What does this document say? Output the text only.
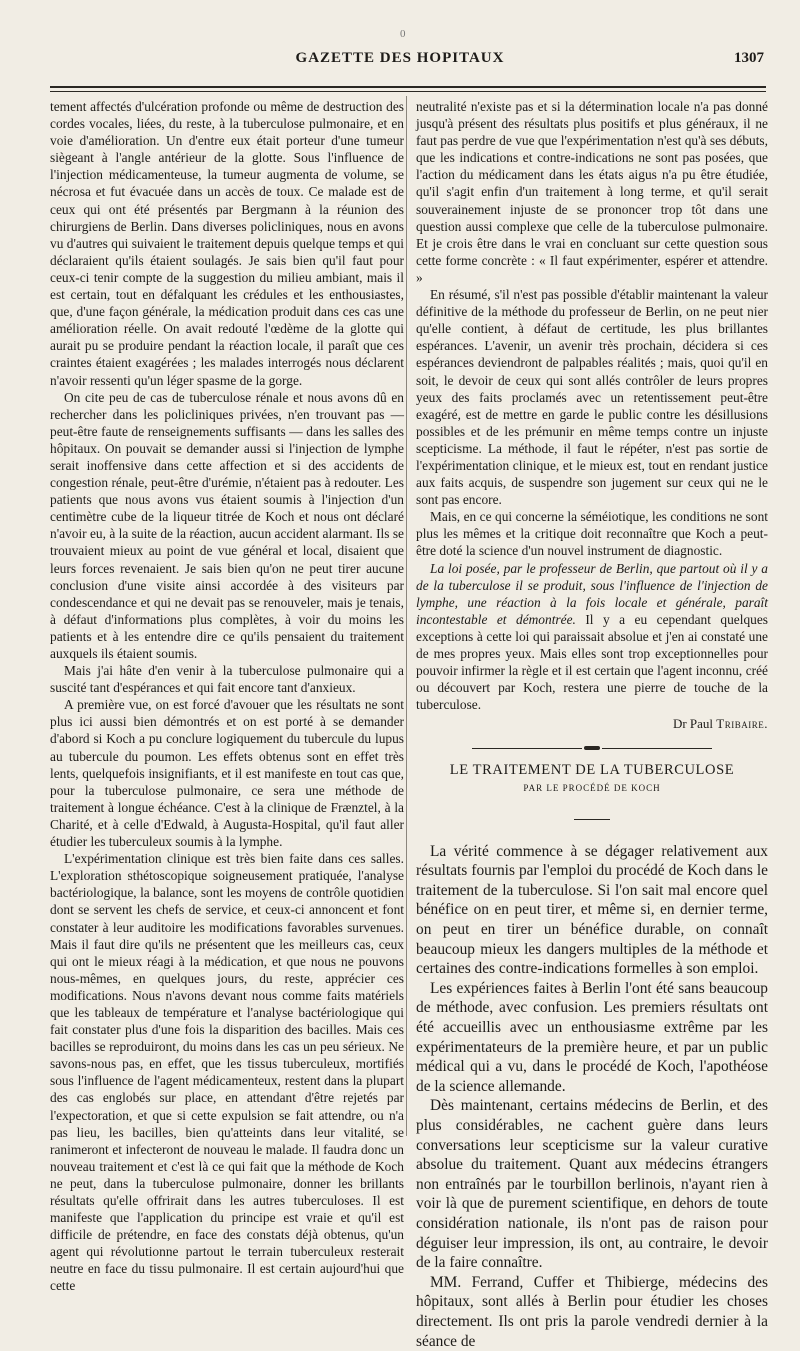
0
GAZETTE DES HOPITAUX	1307

tement affectés d'ulcération profonde ou même de destruction des cordes vocales, liées, du reste, à la tuberculose pulmonaire, et en voie d'amélioration. Un d'entre eux était porteur d'une tumeur siègeant à l'angle antérieur de la glotte. Sous l'influence de l'injection médicamenteuse, la tumeur augmenta de volume, se nécrosa et fut évacuée dans un accès de toux. Ce malade est de ceux qui ont été présentés par Bergmann à la réunion des chirurgiens de Berlin. Dans diverses policliniques, nous en avons vu d'autres qui suivaient le traitement depuis quelque temps et qui déclaraient qu'ils étaient soulagés. Je sais bien qu'il faut pour ceux-ci tenir compte de la suggestion du milieu ambiant, mais il est certain, tout en défalquant les crédules et les enthousiastes, que, d'une façon générale, la médication produit dans ces cas une amélioration réelle. On avait redouté l'œdème de la glotte qui aurait pu se produire pendant la réaction locale, il paraît que ces craintes étaient exagérées ; les malades interrogés nous déclarent n'avoir ressenti qu'un léger spasme de la gorge.

On cite peu de cas de tuberculose rénale et nous avons dû en rechercher dans les policliniques privées, n'en trouvant pas — peut-être faute de renseignements suffisants — dans les salles des hôpitaux. On pouvait se demander aussi si l'injection de lymphe serait inoffensive dans cette affection et si des accidents de congestion rénale, peut-être d'urémie, n'étaient pas à redouter. Les patients que nous avons vus étaient soumis à l'injection d'un centimètre cube de la liqueur titrée de Koch et nous ont déclaré n'avoir eu, à la suite de la réaction, aucun accident alarmant. Ils se trouvaient mieux au point de vue général et local, disaient que leurs forces revenaient. Je sais bien qu'on ne peut tirer aucune conclusion d'une visite ainsi accordée à des visiteurs par condescendance et qui ne devait pas se renouveler, mais je tenais, à défaut d'informations plus complètes, à voir du moins les patients et à les entendre dire ce qu'ils pensaient du traitement auxquels ils étaient soumis.

Mais j'ai hâte d'en venir à la tuberculose pulmonaire qui a suscité tant d'espérances et qui fait encore tant d'anxieux.

A première vue, on est forcé d'avouer que les résultats ne sont plus ici aussi bien démontrés et on est porté à se demander d'abord si Koch a pu conclure logiquement du tubercule du lupus au tubercule du poumon. Les effets obtenus sont en effet très lents, quelquefois insignifiants, et il est manifeste en tout cas que, pour la tuberculose pulmonaire, ce sera une méthode de traitement à longue échéance. C'est à la clinique de Frænztel, à la Charité, et à celle d'Edwald, à Augusta-Hospital, qu'il faut aller étudier les tuberculeux soumis à la lymphe.

L'expérimentation clinique est très bien faite dans ces salles. L'exploration sthétoscopique soigneusement pratiquée, l'analyse bactériologique, la balance, sont les moyens de contrôle quotidien dont se servent les chefs de service, et ceux-ci annoncent et font constater à leur auditoire les modifications favorables survenues. Mais il faut dire qu'ils ne présentent que les meilleurs cas, ceux qui ont le mieux réagi à la médication, et que nous ne pouvons nous-mêmes, en quelques jours, du reste, apprécier ces modifications. Nous n'avons devant nous comme faits matériels que les tableaux de température et l'analyse bactériologique qui fait constater plus d'une fois la disparition des bacilles. Mais ces bacilles se reproduiront, du moins dans les cas un peu sérieux. Ne savons-nous pas, en effet, que les tissus tuberculeux, mortifiés sous l'influence de l'agent médicamenteux, restent dans la plupart des cas englobés sur place, en attendant d'être rejetés par l'expectoration, et que si cette expulsion se fait attendre, ou n'a pas lieu, les bacilles, bien qu'atteints dans leur vitalité, se ranimeront et infecteront de nouveau le malade. Il faudra donc un nouveau traitement et c'est là ce qui fait que la méthode de Koch ne peut, dans la tuberculose pulmonaire, donner les brillants résultats qu'elle offrirait dans les autres tuberculoses. Il est manifeste que l'application du principe est vraie et qu'il est difficile de prétendre, en face des constats déjà obtenus, qu'un agent qui révolutionne partout le terrain tuberculeux resterait neutre en face du tissu pulmonaire. Il est certain aujourd'hui que cette

neutralité n'existe pas et si la détermination locale n'a pas donné jusqu'à présent des résultats plus positifs et plus généraux, il ne faut pas perdre de vue que l'expérimentation n'est qu'à ses débuts, que les indications et contre-indications ne sont pas posées, que l'action du médicament dans les états aigus n'a pu être étudiée, qu'il s'agit enfin d'un traitement à long terme, et qu'il serait souverainement injuste de se prononcer trop tôt dans une question aussi complexe que celle de la tuberculose pulmonaire. Et je crois être dans le vrai en concluant sur cette question sous cette forme concrète : « Il faut expérimenter, espérer et attendre. »

En résumé, s'il n'est pas possible d'établir maintenant la valeur définitive de la méthode du professeur de Berlin, on ne peut nier qu'elle contient, à défaut de certitude, les plus brillantes espérances. L'avenir, un avenir très prochain, décidera si ces espérances deviendront de palpables réalités ; mais, quoi qu'il en soit, le devoir de ceux qui sont allés contrôler de leurs propres yeux des faits proclamés avec un retentissement peut-être exagéré, est de mettre en garde le public contre les désillusions possibles et de les prémunir en même temps contre un injuste scepticisme. La méthode, il faut le répéter, n'est pas sortie de l'expérimentation clinique, et le mieux est, tout en rendant justice aux faits acquis, de suspendre son jugement sur ceux qui ne le sont pas encore.

Mais, en ce qui concerne la séméiotique, les conditions ne sont plus les mêmes et la critique doit reconnaître que Koch a peut-être doté la science d'un nouvel instrument de diagnostic.

La loi posée, par le professeur de Berlin, que partout où il y a de la tuberculose il se produit, sous l'influence de l'injection de lymphe, une réaction à la fois locale et générale, paraît incontestable et démontrée. Il y a eu cependant quelques exceptions à cette loi qui paraissait absolue et j'en ai constaté une de mes propres yeux. Mais elles sont trop exceptionnelles pour pouvoir infirmer la règle et il est certain que l'agent inconnu, créé ou découvert par Koch, restera une pierre de touche de la tuberculose.

Dr Paul Tribaire.

LE TRAITEMENT DE LA TUBERCULOSE

PAR LE PROCÉDÉ DE KOCH

La vérité commence à se dégager relativement aux résultats fournis par l'emploi du procédé de Koch dans le traitement de la tuberculose. Si l'on sait mal encore quel bénéfice on en peut tirer, et même si, en dernier terme, on peut en tirer un bénéfice durable, on connaît beaucoup mieux les dangers multiples de la méthode et certaines des contre-indications formelles à son emploi.

Les expériences faites à Berlin l'ont été sans beaucoup de méthode, avec confusion. Les premiers résultats ont été accueillis avec un enthousiasme extrême par les expérimentateurs de la première heure, et par un public médical qui a vu, dans le procédé de Koch, l'apothéose de la science allemande.

Dès maintenant, certains médecins de Berlin, et des plus considérables, ne cachent guère dans leurs conversations leur scepticisme sur la valeur curative absolue du traitement. Quant aux médecins étrangers non entraînés par le tourbillon berlinois, n'ayant rien à voir là que de purement scientifique, en dehors de toute considération nationale, ils n'ont pas de raison pour déguiser leur impression, ils ont, au contraire, le devoir de la faire connaître.

MM. Ferrand, Cuffer et Thibierge, médecins des hôpitaux, sont allés à Berlin pour étudier les choses directement. Ils ont pris la parole vendredi dernier à la séance de
